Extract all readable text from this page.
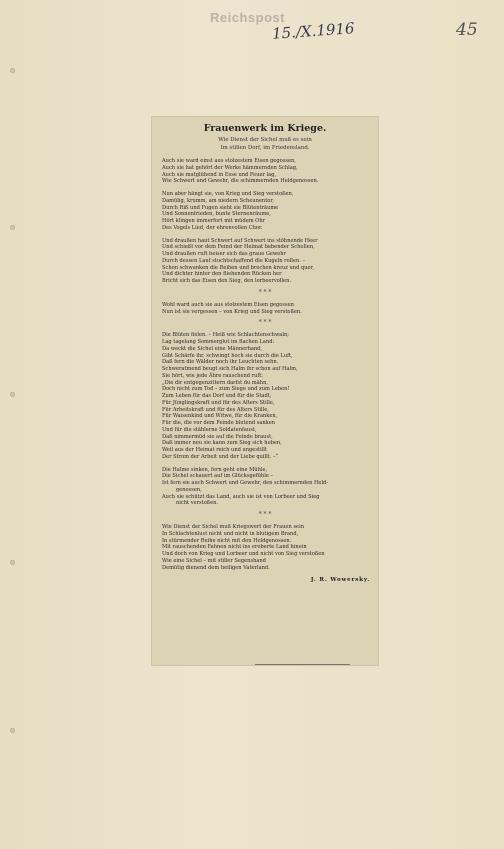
Reichspost
15./X.1916	45
Frauenwerk im Kriege.
Wie Dienst der Sichel muß es sein
Im stillen Dorf, im Friedensland.
Auch sie ward einst aus stolzestem Eisen gegossen,
Auch sie hat gehört der Werke hämmernden Schlag,
Auch sie mutglühend in Esse und Feuer lag,
Wie Schwert und Gewehr, die schimmernden Heldgenossen.
Nun aber hängt sie, von Krieg und Sieg verstoßen,
Damülig, krumm, am niedern Scheunentor,
Durch Riß und Fugen sieht sie Blütenträume
Und Sonnenfrieden, bunte Sternenräume,
Hört klingen immerfort mit müdem Ohr
Des Vogels Lied, der ehrenvollen Chor.
Und draußen haut Schwert auf Schwert ins stöhnende Heer
Und schießt vor dem Feind der Heimat bebender Schollen,
Und draußen ruft heiser sich das graue Gewehr
Durch dessen Lauf stuchtschaffend die Kugeln rollen. –
Schon schwanken die Reihen und brechen kreuz und quer,
Und dichter hinter den fliehenden Rücken her
Bricht sich das Eisen den Sieg, den lorbeervollen.
* * *
Wohl ward auch sie aus stolzestem Eisen gegossen
Nun ist sie vergessen – von Krieg und Sieg verstoßen.
* * *
Die Blüten fielen. – Heiß wie Schlachtenschwaln;
Lag tagelang Sommerglut im flachen Land:
Da weckt die Sichel eine Männerhand,
Gibt Schärfe ihr, schwingt hoch sie durch die Luft,
Daß fern die Wälder noch ihr Leuchten sehn.
Schweratmend beugt sich Halm ihr schon auf Halm,
Sie hört, wie jede Ähre rauschend ruft:
„Die dir entgegenzittern darfst du mähn,
Doch nicht zum Tod – zum Siege und zum Leben!
Zum Leben für das Dorf und für die Stadt,
Für Jünglingskraft und für des Alters Stille,
Für Arbeitskraft und für des Alters Stille,
Für Waisenkind und Witwe, für die Kranken,
Für die, die vor dem Feinde blutend sanken
Und für die stählerne Soldatenfaust,
Daß nimmermüd sie auf die Feinde braust,
Daß immer neu sie kann zum Sieg sich heben,
Weil aus der Heimat reich und ungestillt
Der Strom der Arbeit und der Liebe quillt. –“
Die Halme sinken, fern geht eine Mühle,
Die Sichel schauert auf im Glücksgefühle –
Ist fern sie auch Schwert und Gewehr, den schimmernden Held-
genossen,
Auch sie schützt das Land, auch sie ist von Lorbeer und Sieg
nicht verstoßen.
* * *
Wie Dienst der Sichel muß Kriegswert der Frauen sein
In Schlachtenlust nicht und nicht in blutigem Brand,
In stürmender Reihe nicht mit den Heldgenossen.
Mit rauschenden Fahnen nicht ins eroberte Land hinein
Und doch von Krieg und Lorbeer und nicht von Sieg verstoßen
Wie eine Sichel – mit stiller Segenshand
Demütig dienend dem heiligen Vaterland.
J. R. Wowersky.
